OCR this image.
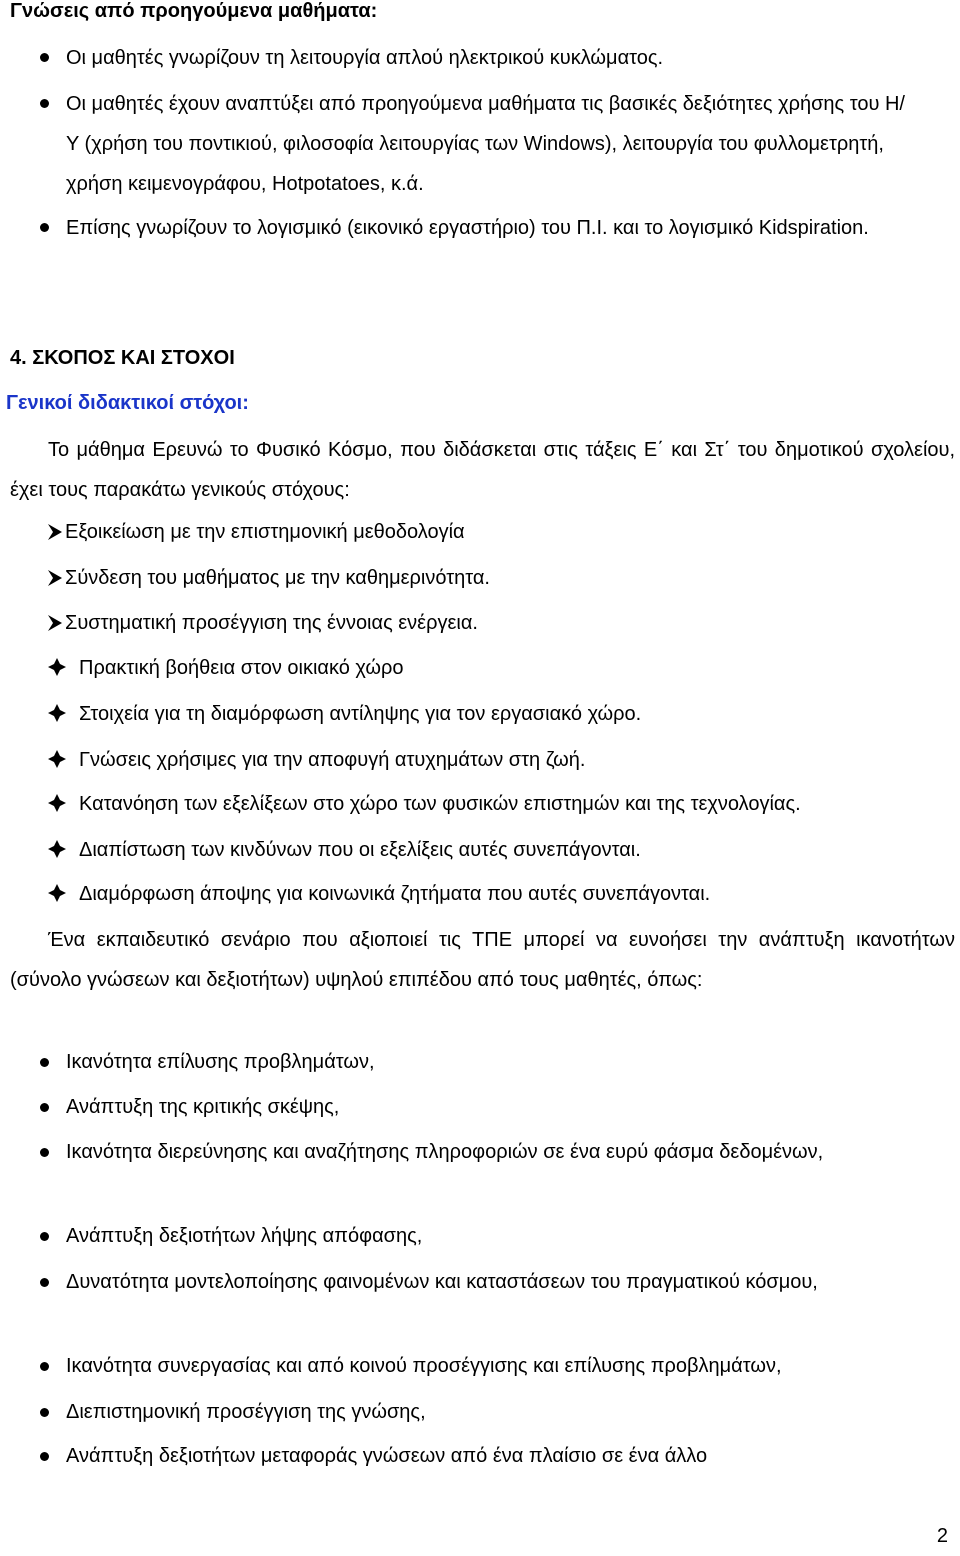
Γνώσεις από προηγούμενα μαθήματα:
Οι μαθητές γνωρίζουν τη λειτουργία απλού ηλεκτρικού κυκλώματος.
Οι μαθητές έχουν αναπτύξει από προηγούμενα μαθήματα τις βασικές δεξιότητες χρήσης του Η/Υ (χρήση του ποντικιού, φιλοσοφία λειτουργίας των Windows), λειτουργία του φυλλομετρητή, χρήση κειμενογράφου, Hotpotatoes, κ.ά.
Επίσης γνωρίζουν το λογισμικό (εικονικό εργαστήριο) του Π.Ι. και το λογισμικό Kidspiration.
4. ΣΚΟΠΟΣ ΚΑΙ ΣΤΟΧΟΙ
Γενικοί διδακτικοί στόχοι:
Το μάθημα Ερευνώ το Φυσικό Κόσμο, που διδάσκεται στις τάξεις Ε΄ και Στ΄ του δημοτικού σχολείου, έχει τους παρακάτω γενικούς στόχους:
Εξοικείωση με την επιστημονική μεθοδολογία
Σύνδεση του μαθήματος με την καθημερινότητα.
Συστηματική προσέγγιση της έννοιας ενέργεια.
Πρακτική βοήθεια στον οικιακό χώρο
Στοιχεία για τη διαμόρφωση αντίληψης για τον εργασιακό χώρο.
Γνώσεις χρήσιμες για την αποφυγή ατυχημάτων στη ζωή.
Κατανόηση των εξελίξεων στο χώρο των φυσικών επιστημών και της τεχνολογίας.
Διαπίστωση των κινδύνων που οι εξελίξεις αυτές συνεπάγονται.
Διαμόρφωση άποψης για κοινωνικά ζητήματα που αυτές συνεπάγονται.
Ένα εκπαιδευτικό σενάριο που αξιοποιεί τις ΤΠΕ μπορεί να ευνοήσει την ανάπτυξη ικανοτήτων (σύνολο γνώσεων και δεξιοτήτων) υψηλού επιπέδου από τους μαθητές, όπως:
Ικανότητα επίλυσης προβλημάτων,
Ανάπτυξη της κριτικής σκέψης,
Ικανότητα διερεύνησης και αναζήτησης πληροφοριών σε ένα ευρύ φάσμα δεδομένων,
Ανάπτυξη δεξιοτήτων λήψης απόφασης,
Δυνατότητα μοντελοποίησης φαινομένων και καταστάσεων του πραγματικού κόσμου,
Ικανότητα συνεργασίας και από κοινού προσέγγισης και επίλυσης προβλημάτων,
Διεπιστημονική προσέγγιση της γνώσης,
Ανάπτυξη δεξιοτήτων μεταφοράς γνώσεων από ένα πλαίσιο σε ένα άλλο
2
